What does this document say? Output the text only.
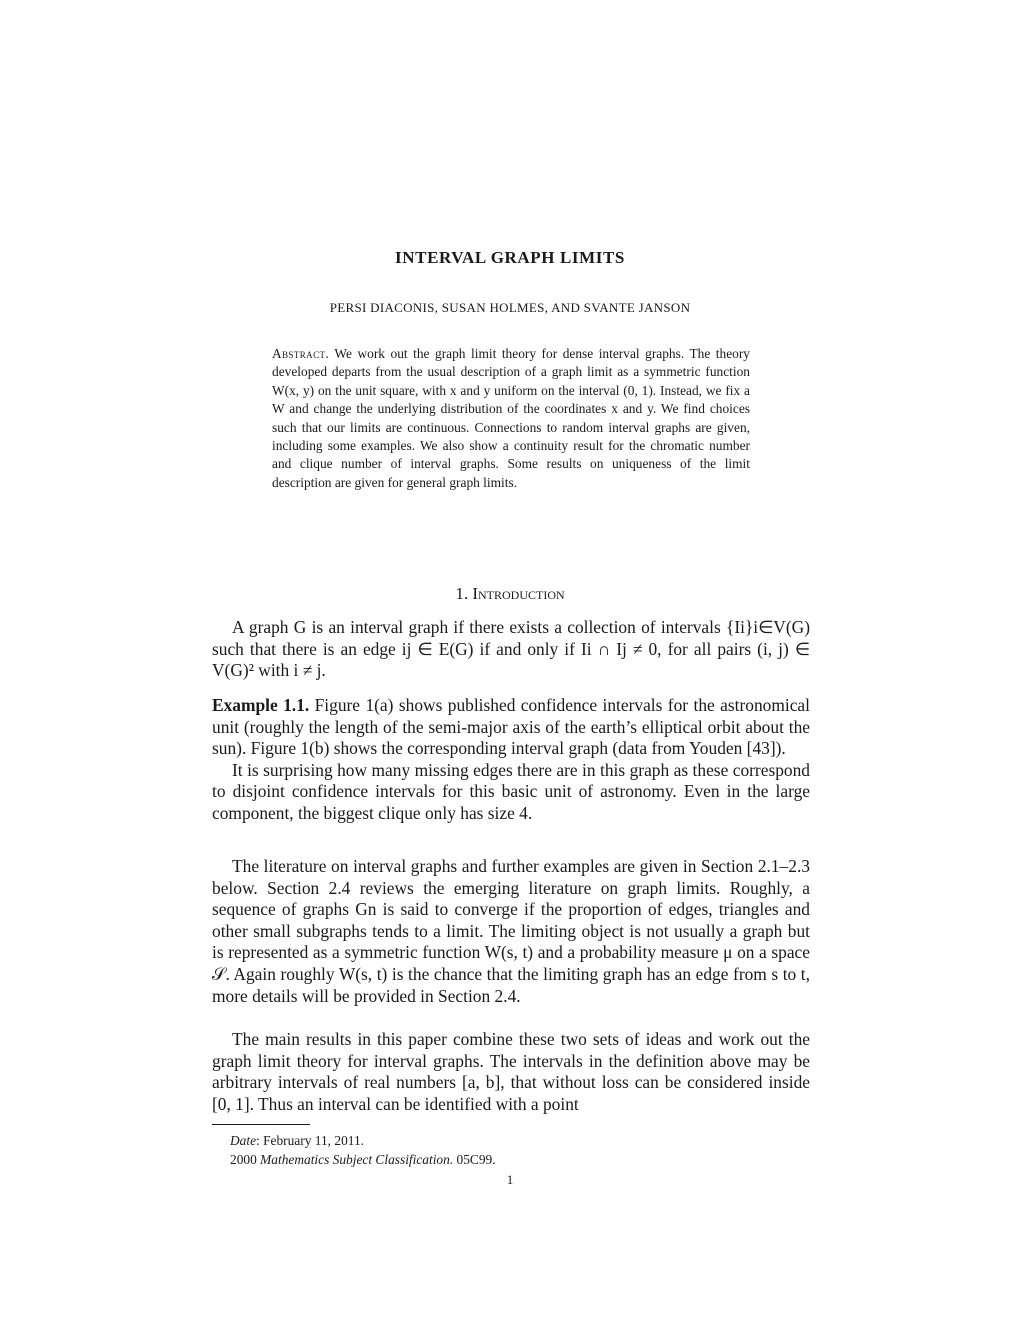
INTERVAL GRAPH LIMITS
PERSI DIACONIS, SUSAN HOLMES, AND SVANTE JANSON
Abstract. We work out the graph limit theory for dense interval graphs. The theory developed departs from the usual description of a graph limit as a symmetric function W(x, y) on the unit square, with x and y uniform on the interval (0, 1). Instead, we fix a W and change the underlying distribution of the coordinates x and y. We find choices such that our limits are continuous. Connections to random interval graphs are given, including some examples. We also show a continuity result for the chromatic number and clique number of interval graphs. Some results on uniqueness of the limit description are given for general graph limits.
1. Introduction

A graph G is an interval graph if there exists a collection of intervals {Ii}i∈V(G) such that there is an edge ij ∈ E(G) if and only if Ii ∩ Ij ≠ 0, for all pairs (i, j) ∈ V(G)² with i ≠ j.

Example 1.1. Figure 1(a) shows published confidence intervals for the astronomical unit (roughly the length of the semi-major axis of the earth’s elliptical orbit about the sun). Figure 1(b) shows the corresponding interval graph (data from Youden [43]).

It is surprising how many missing edges there are in this graph as these correspond to disjoint confidence intervals for this basic unit of astronomy. Even in the large component, the biggest clique only has size 4.

The literature on interval graphs and further examples are given in Section 2.1–2.3 below. Section 2.4 reviews the emerging literature on graph limits. Roughly, a sequence of graphs Gn is said to converge if the proportion of edges, triangles and other small subgraphs tends to a limit. The limiting object is not usually a graph but is represented as a symmetric function W(s, t) and a probability measure μ on a space 𝒮. Again roughly W(s, t) is the chance that the limiting graph has an edge from s to t, more details will be provided in Section 2.4.

The main results in this paper combine these two sets of ideas and work out the graph limit theory for interval graphs. The intervals in the definition above may be arbitrary intervals of real numbers [a, b], that without loss can be considered inside [0, 1]. Thus an interval can be identified with a point

Date: February 11, 2011.

2000 Mathematics Subject Classification. 05C99.

1
